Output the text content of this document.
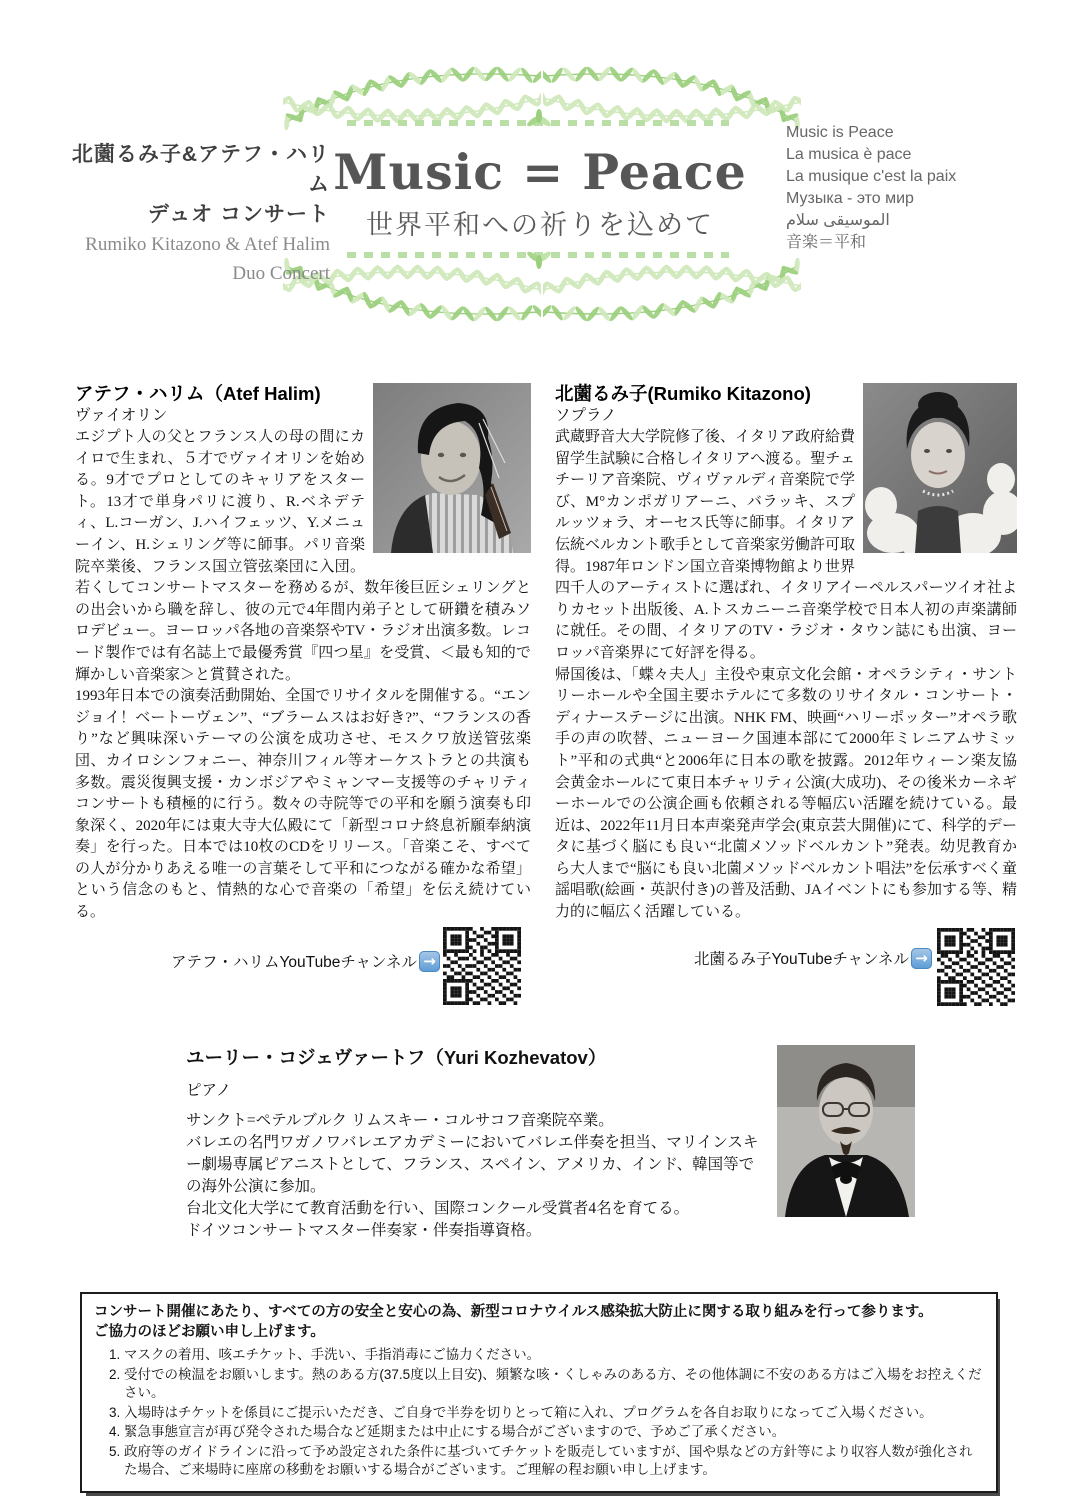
北薗るみ子&アテフ・ハリム
デュオ コンサート
Rumiko Kitazono & Atef Halim
Duo Concert
Music = Peace
世界平和への祈りを込めて
Music is Peace
La musica è pace
La musique c'est la paix
Музыка - это мир
الموسيقى سلام
音楽＝平和
アテフ・ハリム（Atef Halim)
ヴァイオリン

エジプト人の父とフランス人の母の間にカイロで生まれ、５才でヴァイオリンを始める。9才でプロとしてのキャリアをスタート。13才で単身パリに渡り、R.ベネデティ、L.コーガン、J.ハイフェッツ、Y.メニューイン、H.シェリング等に師事。パリ音楽院卒業後、フランス国立管弦楽団に入団。若くしてコンサートマスターを務めるが、数年後巨匠シェリングとの出会いから職を辞し、彼の元で4年間内弟子として研鑽を積みソロデビュー。ヨーロッパ各地の音楽祭やTV・ラジオ出演多数。レコード製作では有名誌上で最優秀賞『四つ星』を受賞、＜最も知的で輝かしい音楽家＞と賞賛された。

1993年日本での演奏活動開始、全国でリサイタルを開催する。“エンジョイ！ベートーヴェン”、“ブラームスはお好き?”、“フランスの香り”など興味深いテーマの公演を成功させ、モスクワ放送管弦楽団、カイロシンフォニー、神奈川フィル等オーケストラとの共演も多数。震災復興支援・カンボジアやミャンマー支援等のチャリティコンサートも積極的に行う。数々の寺院等での平和を願う演奏も印象深く、2020年には東大寺大仏殿にて「新型コロナ終息祈願奉納演奏」を行った。日本では10枚のCDをリリース。「音楽こそ、すべての人が分かりあえる唯一の言葉そして平和につながる確かな希望」という信念のもと、情熱的な心で音楽の「希望」を伝え続けている。

北薗るみ子(Rumiko Kitazono)
ソプラノ

武蔵野音大大学院修了後、イタリア政府給費留学生試験に合格しイタリアへ渡る。聖チェチーリア音楽院、ヴィヴァルディ音楽院で学び、M°カンポガリアーニ、バラッキ、スプルッツォラ、オーセス氏等に師事。イタリア伝統ベルカント歌手として音楽家労働許可取得。1987年ロンドン国立音楽博物館より世界四千人のアーティストに選ばれ、イタリアイーペルスパーツイオ社よりカセット出版後、A.トスカニーニ音楽学校で日本人初の声楽講師に就任。その間、イタリアのTV・ラジオ・タウン誌にも出演、ヨーロッパ音楽界にて好評を得る。

帰国後は、「蝶々夫人」主役や東京文化会館・オペラシティ・サントリーホールや全国主要ホテルにて多数のリサイタル・コンサート・ディナーステージに出演。NHK FM、映画“ハリーポッター”オペラ歌手の声の吹替、ニューヨーク国連本部にて2000年ミレニアムサミット”平和の式典“と2006年に日本の歌を披露。2012年ウィーン楽友協会黄金ホールにて東日本チャリティ公演(大成功)、その後米カーネギーホールでの公演企画も依頼される等幅広い活躍を続けている。最近は、2022年11月日本声楽発声学会(東京芸大開催)にて、科学的データに基づく脳にも良い“北薗メソッドベルカント”発表。幼児教育から大人まで“脳にも良い北薗メソッドベルカント唱法”を伝承すべく童謡唱歌(絵画・英訳付き)の普及活動、JAイベントにも参加する等、精力的に幅広く活躍している。

アテフ・ハリムYouTubeチャンネル →	北薗るみ子YouTubeチャンネル →
ユーリー・コジェヴァートフ（Yuri Kozhevatov）
ピアノ
サンクト=ペテルブルク リムスキー・コルサコフ音楽院卒業。
バレエの名門ワガノワバレエアカデミーにおいてバレエ伴奏を担当、マリインスキー劇場専属ピアニストとして、フランス、スペイン、アメリカ、インド、韓国等での海外公演に参加。
台北文化大学にて教育活動を行い、国際コンクール受賞者4名を育てる。
ドイツコンサートマスター伴奏家・伴奏指導資格。
コンサート開催にあたり、すべての方の安全と安心の為、新型コロナウイルス感染拡大防止に関する取り組みを行って参ります。
ご協力のほどお願い申し上げます。
1. マスクの着用、咳エチケット、手洗い、手指消毒にご協力ください。
2. 受付での検温をお願いします。熱のある方(37.5度以上目安)、頻繁な咳・くしゃみのある方、その他体調に不安のある方はご入場をお控えください。
3. 入場時はチケットを係員にご提示いただき、ご自身で半券を切りとって箱に入れ、プログラムを各自お取りになってご入場ください。
4. 緊急事態宣言が再び発令された場合など延期または中止にする場合がございますので、予めご了承ください。
5. 政府等のガイドラインに沿って予め設定された条件に基づいてチケットを販売していますが、国や県などの方針等により収容人数が強化された場合、ご来場時に座席の移動をお願いする場合がございます。ご理解の程お願い申し上げます。
